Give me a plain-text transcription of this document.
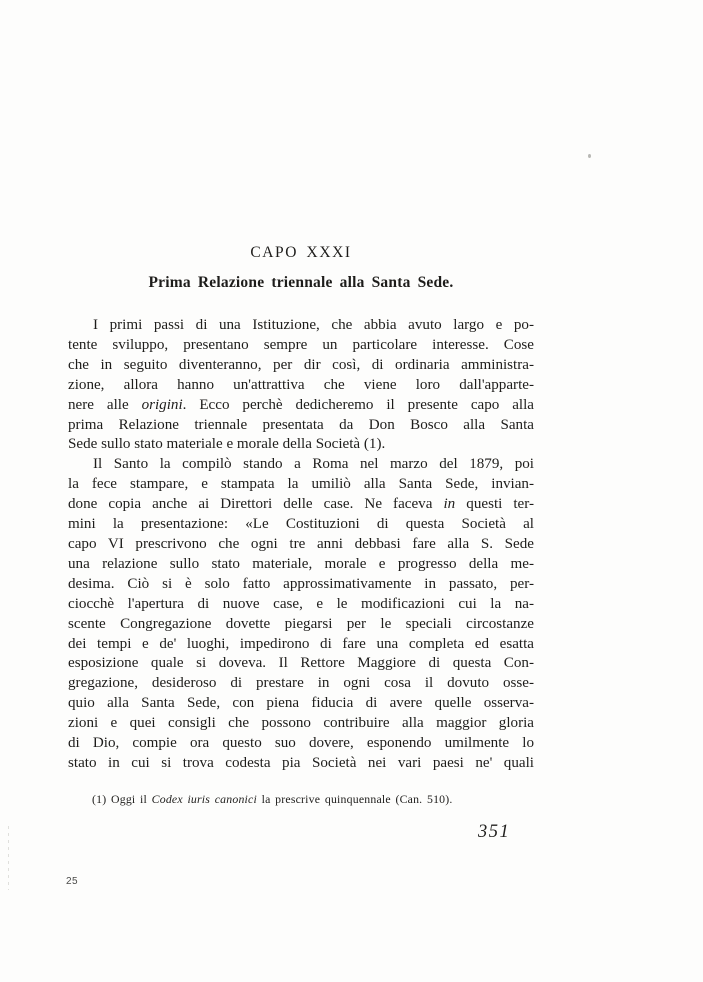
CAPO XXXI
Prima Relazione triennale alla Santa Sede.
I primi passi di una Istituzione, che abbia avuto largo e po-
tente sviluppo, presentano sempre un particolare interesse. Cose
che in seguito diventeranno, per dir così, di ordinaria amministra-
zione, allora hanno un'attrattiva che viene loro dall'apparte-
nere alle origini. Ecco perchè dedicheremo il presente capo alla
prima Relazione triennale presentata da Don Bosco alla Santa
Sede sullo stato materiale e morale della Società (1).
Il Santo la compilò stando a Roma nel marzo del 1879, poi
la fece stampare, e stampata la umiliò alla Santa Sede, invian-
done copia anche ai Direttori delle case. Ne faceva in questi ter-
mini la presentazione: «Le Costituzioni di questa Società al
capo VI prescrivono che ogni tre anni debbasi fare alla S. Sede
una relazione sullo stato materiale, morale e progresso della me-
desima. Ciò si è solo fatto approssimativamente in passato, per-
ciocchè l'apertura di nuove case, e le modificazioni cui la na-
scente Congregazione dovette piegarsi per le speciali circostanze
dei tempi e de' luoghi, impedirono di fare una completa ed esatta
esposizione quale si doveva. Il Rettore Maggiore di questa Con-
gregazione, desideroso di prestare in ogni cosa il dovuto osse-
quio alla Santa Sede, con piena fiducia di avere quelle osserva-
zioni e quei consigli che possono contribuire alla maggior gloria
di Dio, compie ora questo suo dovere, esponendo umilmente lo
stato in cui si trova codesta pia Società nei vari paesi ne' quali
(1) Oggi il Codex iuris canonici la prescrive quinquennale (Can. 510).
351
25
